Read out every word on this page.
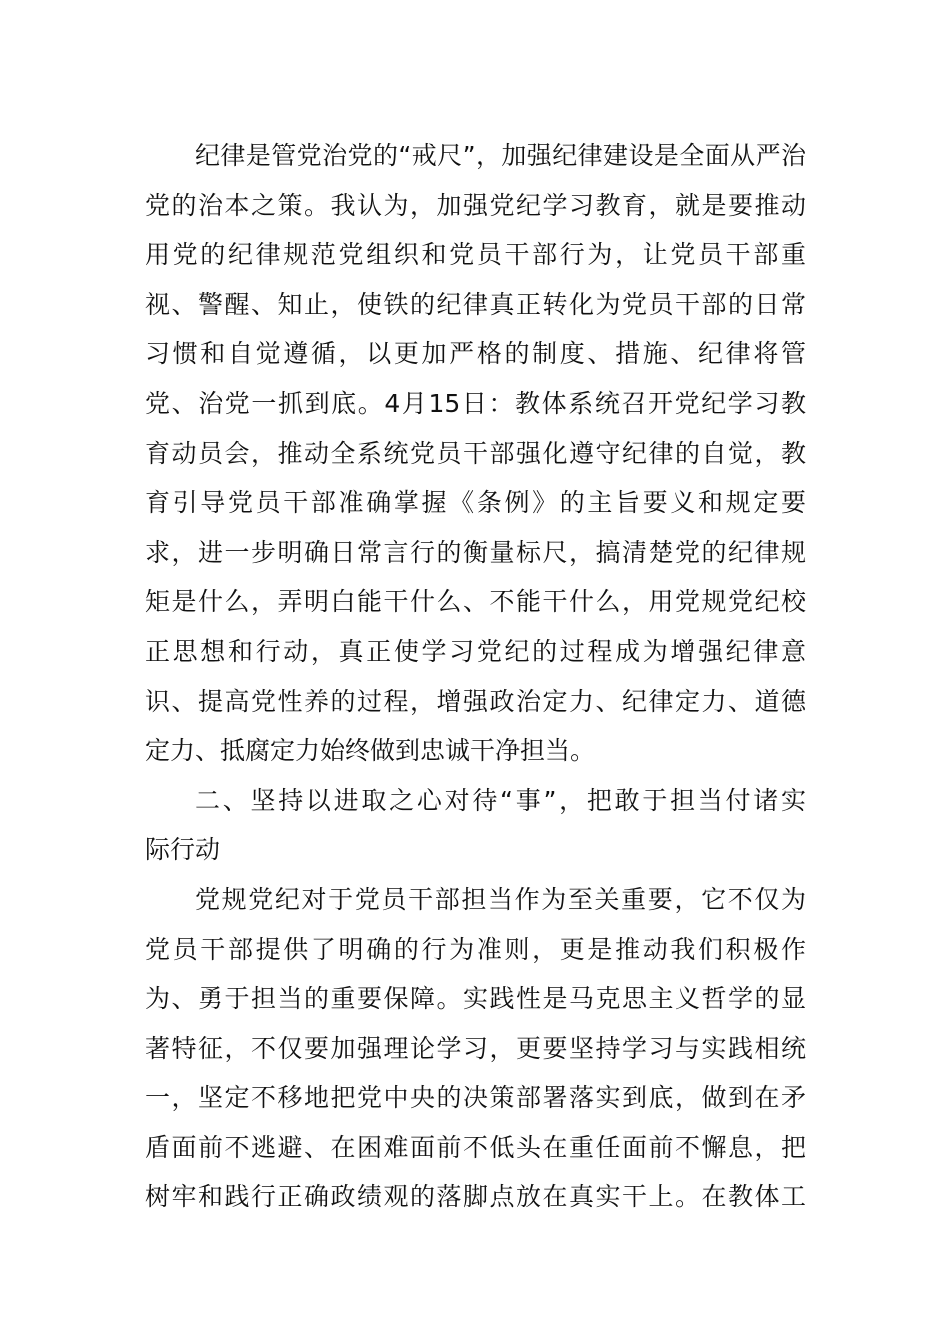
纪律是管党治党的“戒尺”，加强纪律建设是全面从严治
党的治本之策。我认为，加强党纪学习教育，就是要推动
用党的纪律规范党组织和党员干部行为，让党员干部重
视、警醒、知止，使铁的纪律真正转化为党员干部的日常
习惯和自觉遵循，以更加严格的制度、措施、纪律将管
党、治党一抓到底。4月15日：教体系统召开党纪学习教
育动员会，推动全系统党员干部强化遵守纪律的自觉，教
育引导党员干部准确掌握《条例》的主旨要义和规定要
求，进一步明确日常言行的衡量标尺，搞清楚党的纪律规
矩是什么，弄明白能干什么、不能干什么，用党规党纪校
正思想和行动，真正使学习党纪的过程成为增强纪律意
识、提高党性养的过程，增强政治定力、纪律定力、道德
定力、抵腐定力始终做到忠诚干净担当。
二、坚持以进取之心对待“事”，把敢于担当付诸实
际行动
党规党纪对于党员干部担当作为至关重要，它不仅为
党员干部提供了明确的行为准则，更是推动我们积极作
为、勇于担当的重要保障。实践性是马克思主义哲学的显
著特征，不仅要加强理论学习，更要坚持学习与实践相统
一，坚定不移地把党中央的决策部署落实到底，做到在矛
盾面前不逃避、在困难面前不低头在重任面前不懈息，把
树牢和践行正确政绩观的落脚点放在真实干上。在教体工
